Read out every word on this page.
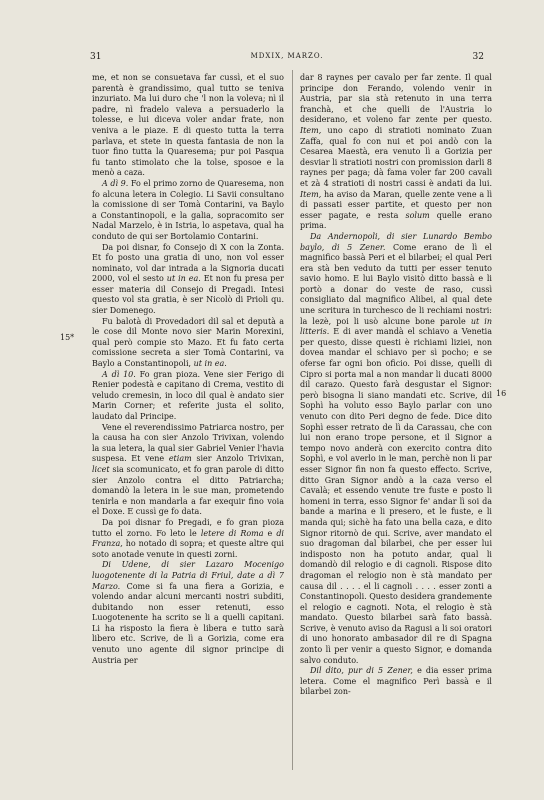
31	MDXIX, MARZO.	32
15*
16

me, et non se consuetava far cussì, et el suo parentà è grandissimo, qual tutto se teniva inzuriato. Ma lui duro che 'l non la voleva; nì il padre, nì fradelo valeva a persuaderlo la tolesse, e lui diceva voler andar frate, non veniva a le piaze. E di questo tutta la terra parlava, et stete in questa fantasia de non la tuor fino tutta la Quaresema; pur poi Pasqua fu tanto stimolato che la tolse, sposoe e la menò a caza.

A dì 9. Fo el primo zorno de Quaresema, non fo alcuna letera in Colegio. Li Savii consultano la comissione di ser Tomà Contarini, va Baylo a Constantinopoli, e la galia, sopracomito ser Nadal Marzelo, è in Istria, lo aspetava, qual ha conduto de qui ser Bortolamio Contarini.

Da poi disnar, fo Consejo di X con la Zonta. Et fo posto una gratia di uno, non vol esser nominato, vol dar intrada a la Signoria ducati 2000, vol el sesto ut in ea. Et non fu presa per esser materia dil Consejo di Pregadi. Intesi questo vol sta gratia, è ser Nicolò di Prioli qu. sier Domenego.

Fu balotà di Provedadori dil sal et deputà a le cose dil Monte novo sier Marin Morexini, qual però compie sto Mazo. Et fu fato certa comissione secreta a sier Tomà Contarini, va Baylo a Constantinopoli, ut in ea.

A dì 10. Fo gran pioza. Vene sier Ferigo di Renier podestà e capitano di Crema, vestito di veludo cremesin, in loco dil qual è andato sier Marin Corner; et referite justa el solito, laudato dal Principe.

Vene el reverendissimo Patriarca nostro, per la causa ha con sier Anzolo Trivixan, volendo la sua letera, la qual sier Gabriel Venier l'havia suspesa. Et vene etiam sier Anzolo Trivixan, licet sia scomunicato, et fo gran parole di ditto sier Anzolo contra el ditto Patriarcha; domandò la letera in le sue man, prometendo tenirla e non mandarla a far exequir fino voia el Doxe. E cussì ge fo data.

Da poi disnar fo Pregadi, e fo gran pioza tutto el zorno. Fo leto le letere di Roma e di Franza, ho notado di sopra; et queste altre qui soto anotade venute in questi zorni.

Di Udene, di sier Lazaro Mocenigo luogotenente di la Patria di Friul, date a dì 7 Marzo. Come si fa una fiera a Gorizia, e volendo andar alcuni mercanti nostri subditi, dubitando non esser retenuti, esso Luogotenente ha scrito se li a quelli capitani. Li ha risposto la fiera è libera e tutto sarà libero etc. Scrive, de lì a Gorizia, come era venuto uno agente dil signor principe di Austria per

dar 8 raynes per cavalo per far zente. Il qual principe don Ferando, volendo venir in Austria, par sia stà retenuto in una terra franchà, et che quelli de l'Austria lo desiderano, et voleno far zente per questo. Item, uno capo di stratioti nominato Zuan Zaffa, qual fo con nui et poi andò con la Cesarea Maestà, era venuto lì a Gorizia per desviar li stratioti nostri con promission darli 8 raynes per paga; dà fama voler far 200 cavali et zà 4 stratioti di nostri cassi è andati da lui. Item, ha aviso da Maran, quelle zente vene a lì di passati esser partite, et questo per non esser pagate, e resta solum quelle erano prima.

Da Andernopoli, di sier Lunardo Bembo baylo, di 5 Zener. Come erano de lì el magnifico bassà Peri et el bilarbei; el qual Peri era stà ben veduto da tutti per esser tenuto savio homo. E lui Baylo visitò ditto bassà e li portò a donar do veste de raso, cussì consigliato dal magnifico Alibei, al qual dete une scritura in turchesco de li rechiami nostri: la lezè, poi li usò alcune bone parole ut in litteris. E di aver mandà el schiavo a Venetia per questo, disse questi è richiami liziei, non dovea mandar el schiavo per sì pocho; e se oferse far ogni bon oficio. Poi disse, quelli di Cipro si porta mal a non mandar li ducati 8000 dil carazo. Questo farà desgustar el Signor: però bisogna li siano mandati etc. Scrive, dil Sophì ha voluto esso Baylo parlar con uno venuto con dito Peri degno de fede. Dice dito Sophì esser retrato de lì da Carassau, che con lui non erano trope persone, et il Signor a tempo novo anderà con exercito contra dito Sophì, e vol averlo in le man, perchè non li par esser Signor fin non fa questo effecto. Scrive, ditto Gran Signor andò a la caza verso el Cavalà; et essendo venute tre fuste e posto li homeni in terra, esso Signor fe' andar lì soi da bande a marina e li presero, et le fuste, e li manda qui; sichè ha fato una bella caza, e dito Signor ritornò de qui. Scrive, aver mandato el suo dragoman dal bilarbei, che per esser lui indisposto non ha potuto andar, qual li domandò dil relogio e di cagnoli. Rispose dito dragoman el relogio non è stà mandato per causa dil . . . . el li cagnoli . . . . esser zonti a Constantinopoli. Questo desidera grandemente el relogio e cagnoti. Nota, el relogio è stà mandato. Questo bilarbei sarà fato bassà. Scrive, è venuto aviso da Ragusi a li soi oratori di uno honorato ambasador dil re di Spagna zonto lì per venir a questo Signor, e domanda salvo conduto.

Dil dito, pur di 5 Zener, e dia esser prima letera. Come el magnifico Perì bassà e il bilarbei zon-
